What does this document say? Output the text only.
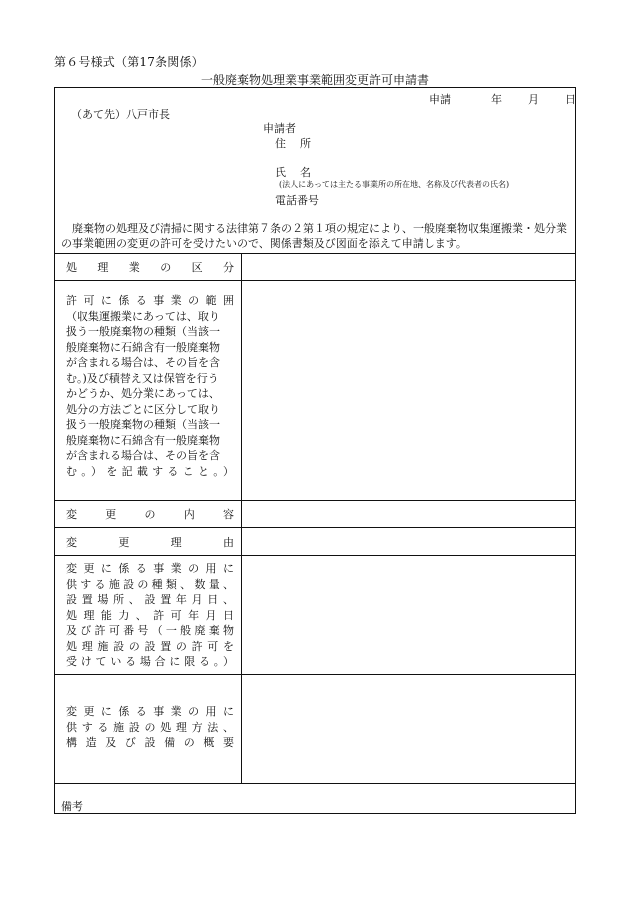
第６号様式（第17条関係）
一般廃棄物処理業事業範囲変更許可申請書
申請	年 月 日
（あて先）八戸市長
申請者
住所
氏名
(法人にあっては主たる事業所の所在地、名称及び代表者の氏名)
電話番号
廃棄物の処理及び清掃に関する法律第７条の２第１項の規定により、一般廃棄物収集運搬業・処分業の事業範囲の変更の許可を受けたいので、関係書類及び図面を添えて申請します。
処理業の区分
許可に係る事業の範囲
（収集運搬業にあっては、取り
扱う一般廃棄物の種類（当該一
般廃棄物に石綿含有一般廃棄物
が含まれる場合は、その旨を含
む｡)及び積替え又は保管を行う
かどうか、処分業にあっては、
処分の方法ごとに区分して取り
扱う一般廃棄物の種類（当該一
般廃棄物に石綿含有一般廃棄物
が含まれる場合は、その旨を含
む。）を記載すること。）
変更の内容
変更理由
変更に係る事業の用に
供する施設の種類、数量、
設置場所、設置年月日、
処理能力、許可年月日
及び許可番号（一般廃棄物
処理施設の設置の許可を
受けている場合に限る。）
変更に係る事業の用に
供する施設の処理方法、
構造及び設備の概要
備考
